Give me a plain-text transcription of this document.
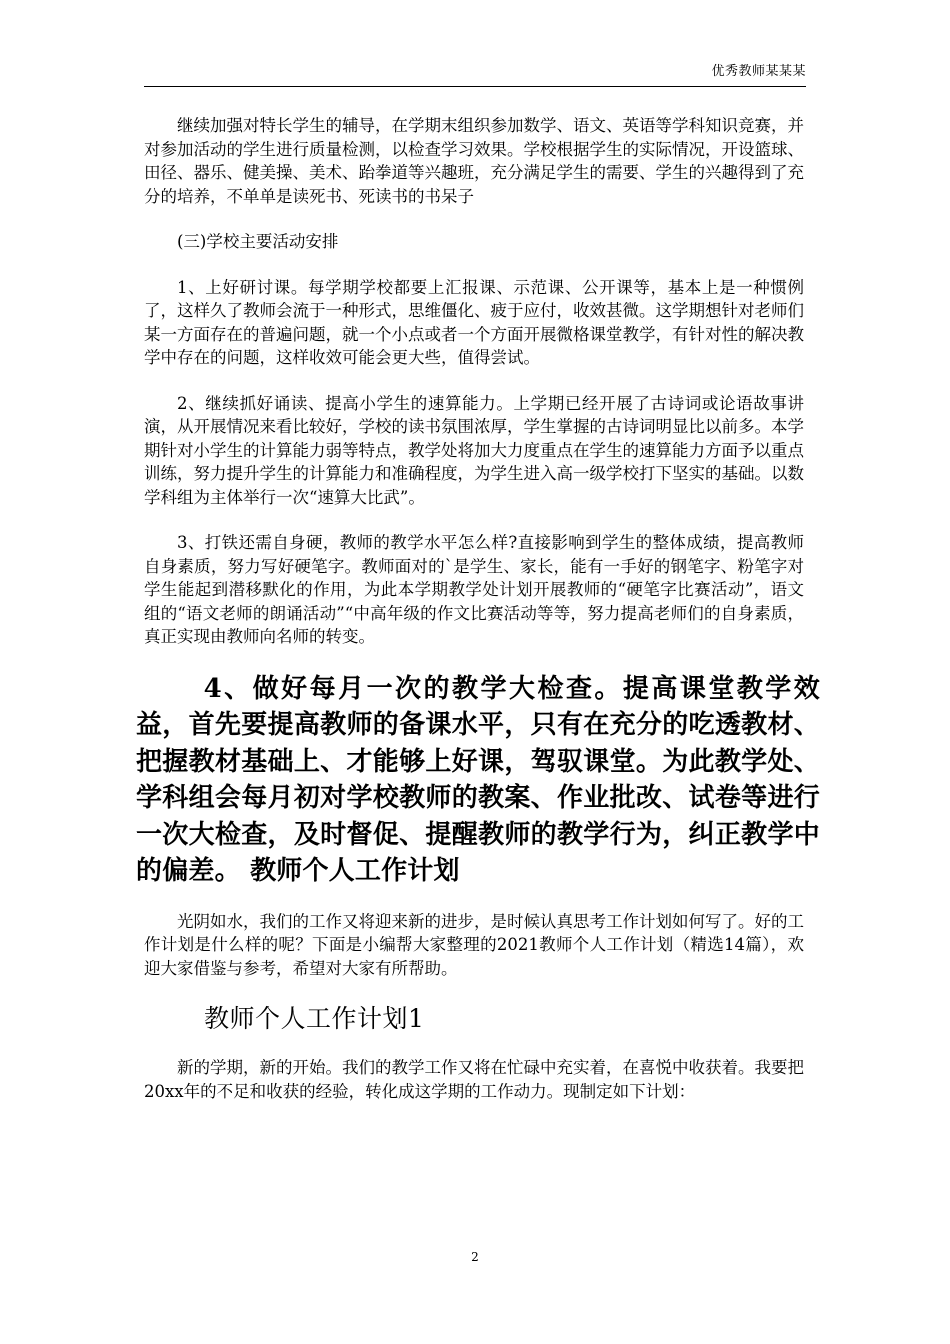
优秀教师某某某

继续加强对特长学生的辅导，在学期末组织参加数学、语文、英语等学科知识竞赛，并对参加活动的学生进行质量检测，以检查学习效果。学校根据学生的实际情况，开设篮球、田径、器乐、健美操、美术、跆拳道等兴趣班，充分满足学生的需要、学生的兴趣得到了充分的培养，不单单是读死书、死读书的书呆子

(三)学校主要活动安排

1、上好研讨课。每学期学校都要上汇报课、示范课、公开课等，基本上是一种惯例了，这样久了教师会流于一种形式，思维僵化、疲于应付，收效甚微。这学期想针对老师们某一方面存在的普遍问题，就一个小点或者一个方面开展微格课堂教学，有针对性的解决教学中存在的问题，这样收效可能会更大些，值得尝试。

2、继续抓好诵读、提高小学生的速算能力。上学期已经开展了古诗词或论语故事讲演，从开展情况来看比较好，学校的读书氛围浓厚，学生掌握的古诗词明显比以前多。本学期针对小学生的计算能力弱等特点，教学处将加大力度重点在学生的速算能力方面予以重点训练，努力提升学生的计算能力和准确程度，为学生进入高一级学校打下坚实的基础。以数学科组为主体举行一次“速算大比武”。

3、打铁还需自身硬，教师的教学水平怎么样?直接影响到学生的整体成绩，提高教师自身素质，努力写好硬笔字。教师面对的`是学生、家长，能有一手好的钢笔字、粉笔字对学生能起到潜移默化的作用，为此本学期教学处计划开展教师的“硬笔字比赛活动”，语文组的“语文老师的朗诵活动”“中高年级的作文比赛活动等等，努力提高老师们的自身素质，真正实现由教师向名师的转变。

4、做好每月一次的教学大检查。提高课堂教学效益，首先要提高教师的备课水平，只有在充分的吃透教材、把握教材基础上、才能够上好课，驾驭课堂。为此教学处、学科组会每月初对学校教师的教案、作业批改、试卷等进行一次大检查，及时督促、提醒教师的教学行为，纠正教学中的偏差。 教师个人工作计划

光阴如水，我们的工作又将迎来新的进步，是时候认真思考工作计划如何写了。好的工作计划是什么样的呢？下面是小编帮大家整理的2021教师个人工作计划（精选14篇），欢迎大家借鉴与参考，希望对大家有所帮助。

教师个人工作计划1

新的学期，新的开始。我们的教学工作又将在忙碌中充实着，在喜悦中收获着。我要把20xx年的不足和收获的经验，转化成这学期的工作动力。现制定如下计划：

2
